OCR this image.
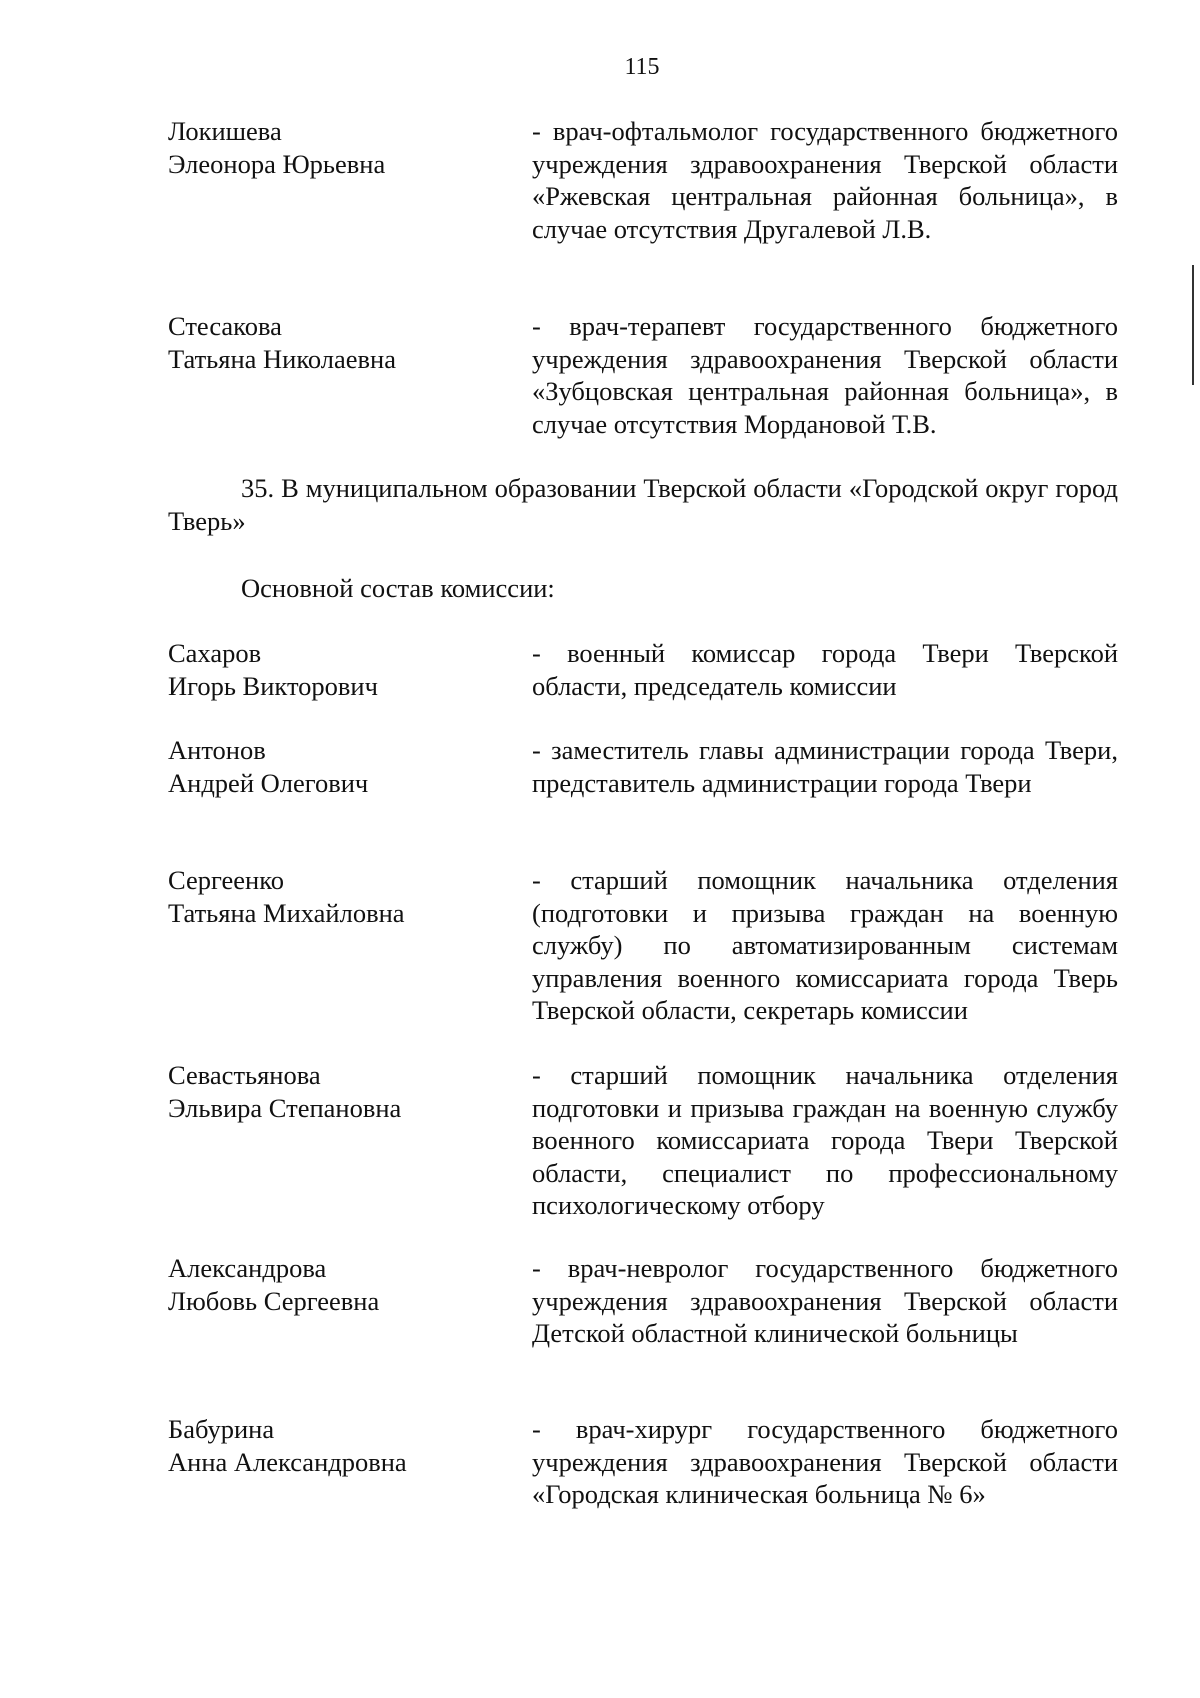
115
Локишева
Элеонора Юрьевна
- врач-офтальмолог государственного бюджетного учреждения здравоохранения Тверской области «Ржевская центральная районная больница», в случае отсутствия Другалевой Л.В.
Стесакова
Татьяна Николаевна
- врач-терапевт государственного бюджетного учреждения здравоохранения Тверской области «Зубцовская центральная районная больница», в случае отсутствия Мордановой Т.В.
35. В муниципальном образовании Тверской области «Городской округ город Тверь»
Основной состав комиссии:
Сахаров
Игорь Викторович
- военный комиссар города Твери Тверской области, председатель комиссии
Антонов
Андрей Олегович
- заместитель главы администрации города Твери, представитель администрации города Твери
Сергеенко
Татьяна Михайловна
- старший помощник начальника отделения (подготовки и призыва граждан на военную службу) по автоматизированным системам управления военного комиссариата города Тверь Тверской области, секретарь комиссии
Севастьянова
Эльвира Степановна
- старший помощник начальника отделения подготовки и призыва граждан на военную службу военного комиссариата города Твери Тверской области, специалист по профессиональному психологическому отбору
Александрова
Любовь Сергеевна
- врач-невролог государственного бюджетного учреждения здравоохранения Тверской области Детской областной клинической больницы
Бабурина
Анна Александровна
- врач-хирург государственного бюджетного учреждения здравоохранения Тверской области «Городская клиническая больница № 6»
